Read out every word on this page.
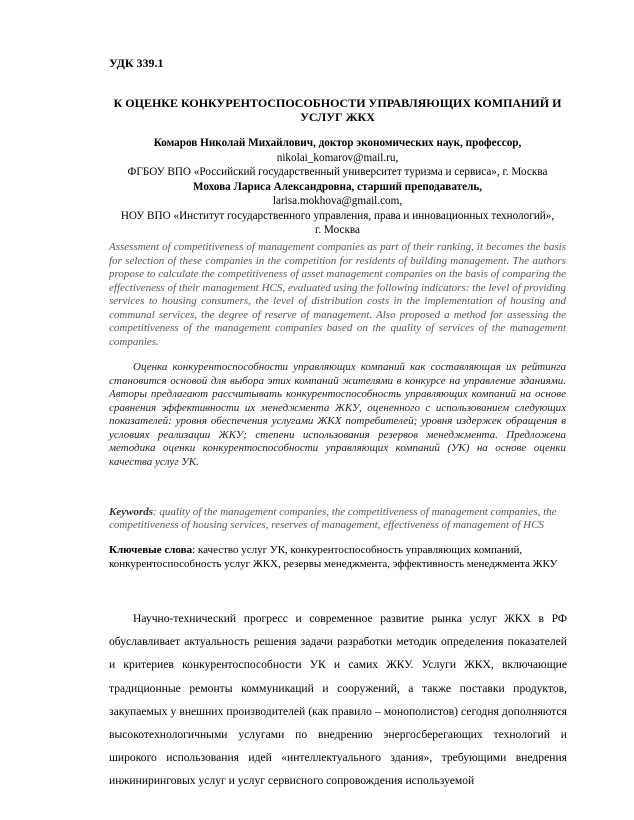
УДК 339.1

К ОЦЕНКЕ КОНКУРЕНТОСПОСОБНОСТИ УПРАВЛЯЮЩИХ КОМПАНИЙ И УСЛУГ ЖКХ
Комаров Николай Михайлович, доктор экономических наук, профессор,
nikolai_komarov@mail.ru,
ФГБОУ ВПО «Российский государственный университет туризма и сервиса», г. Москва
Мохова Лариса Александровна, старший преподаватель,
larisa.mokhova@gmail.com,
НОУ ВПО «Институт государственного управления, права и инновационных технологий»,
г. Москва

Assessment of competitiveness of management companies as part of their ranking, it becomes the basis for selection of these companies in the competition for residents of building management. The authors propose to calculate the competitiveness of asset management companies on the basis of comparing the effectiveness of their management HCS, evaluated using the following indicators: the level of providing services to housing consumers, the level of distribution costs in the implementation of housing and communal services, the degree of reserve of management. Also proposed a method for assessing the competitiveness of the management companies based on the quality of services of the management companies.

Оценка конкурентоспособности управляющих компаний как составляющая их рейтинга становится основой для выбора этих компаний жителями в конкурсе на управление зданиями. Авторы предлагают рассчитывать конкурентоспособность управляющих компаний на основе сравнения эффективности их менеджмента ЖКУ, оцененного с использованием следующих показателей: уровня обеспечения услугами ЖКХ потребителей; уровня издержек обращения в условиях реализации ЖКУ; степени использования резервов менеджмента. Предложена методика оценки конкурентоспособности управляющих компаний (УК) на основе оценки качества услуг УК.

Keywords: quality of the management companies, the competitiveness of management companies, the competitiveness of housing services, reserves of management, effectiveness of management of HCS

Ключевые слова: качество услуг УК, конкурентоспособность управляющих компаний, конкурентоспособность услуг ЖКХ, резервы менеджмента, эффективность менеджмента ЖКУ

Научно-технический прогресс и современное развитие рынка услуг ЖКХ в РФ обуславливает актуальность решения задачи разработки методик определения показателей и критериев конкурентоспособности УК и самих ЖКУ. Услуги ЖКХ, включающие традиционные ремонты коммуникаций и сооружений, а также поставки продуктов, закупаемых у внешних производителей (как правило – монополистов) сегодня дополняются высокотехнологичными услугами по внедрению энергосберегающих технологий и широкого использования идей «интеллектуального здания», требующими внедрения инжиниринговых услуг и услуг сервисного сопровождения используемой
